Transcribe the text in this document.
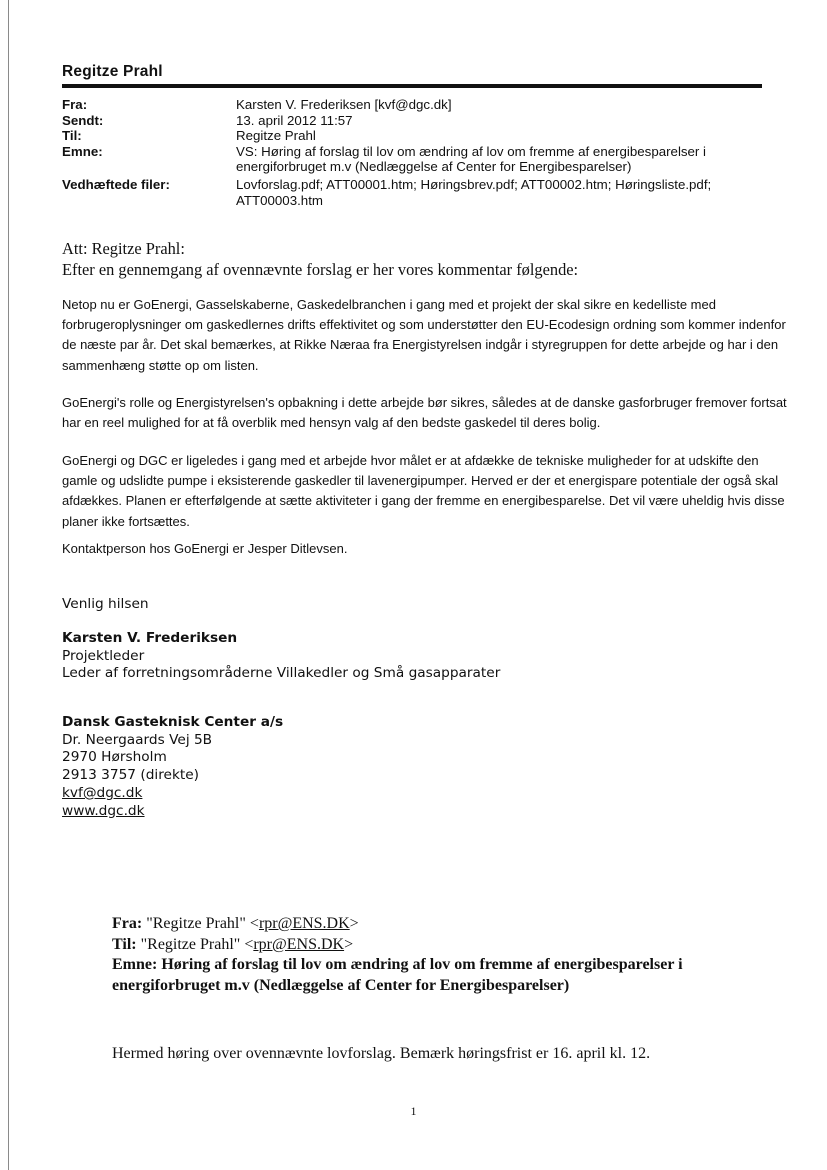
Regitze Prahl
Fra:	Karsten V. Frederiksen [kvf@dgc.dk]
Sendt:	13. april 2012 11:57
Til:	Regitze Prahl
Emne:	VS: Høring af forslag til lov om ændring af lov om fremme af energibesparelser i energiforbruget m.v (Nedlæggelse af Center for Energibesparelser)
Vedhæftede filer:	Lovforslag.pdf; ATT00001.htm; Høringsbrev.pdf; ATT00002.htm; Høringsliste.pdf; ATT00003.htm
Att: Regitze Prahl:
Efter en gennemgang af ovennævnte forslag er her vores kommentar følgende:
Netop nu er GoEnergi, Gasselskaberne, Gaskedelbranchen i gang med et projekt der skal sikre en kedelliste med forbrugeroplysninger om gaskedlernes drifts effektivitet og som understøtter den EU-Ecodesign ordning som kommer indenfor de næste par år. Det skal bemærkes, at Rikke Næraa fra Energistyrelsen indgår i styregruppen for dette arbejde og har i den sammenhæng støtte op om listen.
GoEnergi's rolle og Energistyrelsen's opbakning i dette arbejde bør sikres, således at de danske gasforbruger fremover fortsat har en reel mulighed for at få overblik med hensyn valg af den bedste gaskedel til deres bolig.
GoEnergi og DGC er ligeledes i gang med et arbejde hvor målet er at afdække de tekniske muligheder for at udskifte den gamle og udslidte pumpe i eksisterende gaskedler til lavenergipumper. Herved er der et energispare potentiale der også skal afdækkes. Planen er efterfølgende at sætte aktiviteter i gang der fremme en energibesparelse. Det vil være uheldig hvis disse planer ikke fortsættes.
Kontaktperson hos GoEnergi er Jesper Ditlevsen.
Venlig hilsen
Karsten V. Frederiksen
Projektleder
Leder af forretningsområderne Villakedler og Små gasapparater
Dansk Gasteknisk Center a/s
Dr. Neergaards Vej 5B
2970 Hørsholm
2913 3757 (direkte)
kvf@dgc.dk
www.dgc.dk
Fra: "Regitze Prahl" <rpr@ENS.DK>
Til: "Regitze Prahl" <rpr@ENS.DK>
Emne: Høring af forslag til lov om ændring af lov om fremme af energibesparelser i energiforbruget m.v (Nedlæggelse af Center for Energibesparelser)
Hermed høring over ovennævnte lovforslag. Bemærk høringsfrist er 16. april kl. 12.
1
